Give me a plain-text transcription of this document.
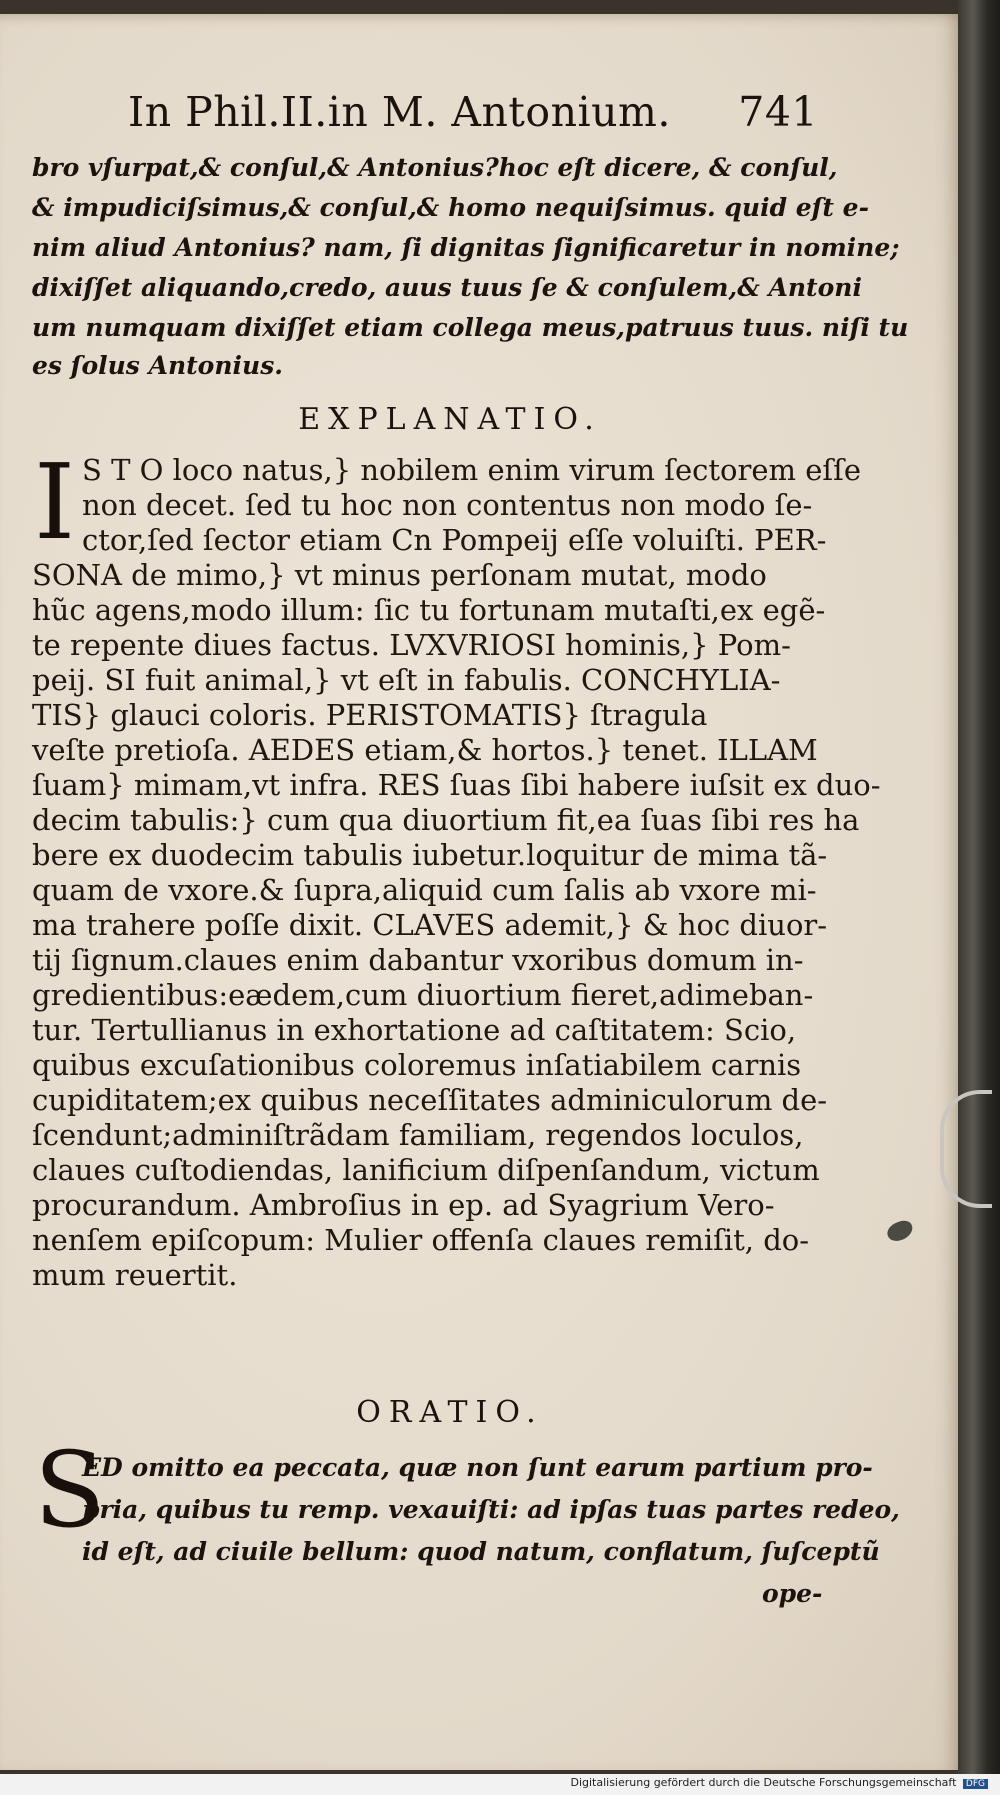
In Phil.II.in M. Antonium. 741
bro vſurpat,& conſul,& Antonius?hoc eſt dicere, & conſul,
& impudiciſsimus,& conſul,& homo nequiſsimus. quid eſt e-
nim aliud Antonius? nam, ſi dignitas ſignificaretur in nomine;
dixiſſet aliquando,credo, auus tuus ſe & conſulem,& Antoni
um numquam dixiſſet etiam collega meus,patruus tuus. niſi tu
es ſolus Antonius.
EXPLANATIO.
I S T O loco natus,} nobilem enim virum ſectorem eſſe
non decet. ſed tu hoc non contentus non modo ſe-
ctor,ſed ſector etiam Cn Pompeij eſſe voluiſti. PER-
SONA de mimo,} vt minus perſonam mutat, modo
hũc agens,modo illum: ſic tu fortunam mutaſti,ex egẽ-
te repente diues factus. LVXVRIOSI hominis,} Pom-
peij. SI fuit animal,} vt eſt in fabulis. CONCHYLIA-
TIS} glauci coloris. PERISTOMATIS} ſtragula
veſte pretioſa. AEDES etiam,& hortos.} tenet. ILLAM
ſuam} mimam,vt infra. RES ſuas ſibi habere iuſsit ex duo-
decim tabulis:} cum qua diuortium fit,ea ſuas ſibi res ha
bere ex duodecim tabulis iubetur.loquitur de mima tã-
quam de vxore.& ſupra,aliquid cum ſalis ab vxore mi-
ma trahere poſſe dixit. CLAVES ademit,} & hoc diuor-
tij ſignum.claues enim dabantur vxoribus domum in-
gredientibus:eædem,cum diuortium fieret,adimeban-
tur. Tertullianus in exhortatione ad caſtitatem: Scio,
quibus excuſationibus coloremus inſatiabilem carnis
cupiditatem;ex quibus neceſſitates adminiculorum de-
ſcendunt;adminiſtrãdam familiam, regendos loculos,
claues cuſtodiendas, lanificium diſpenſandum, victum
procurandum. Ambroſius in ep. ad Syagrium Vero-
nenſem epiſcopum: Mulier offenſa claues remiſit, do-
mum reuertit.
ORATIO.
S
ED omitto ea peccata, quæ non ſunt earum partium pro-
pria, quibus tu remp. vexauiſti: ad ipſas tuas partes redeo,
id eſt, ad ciuile bellum: quod natum, conflatum, ſuſceptũ
ope-
Digitalisierung gefördert durch die Deutsche Forschungsgemeinschaft DFG
